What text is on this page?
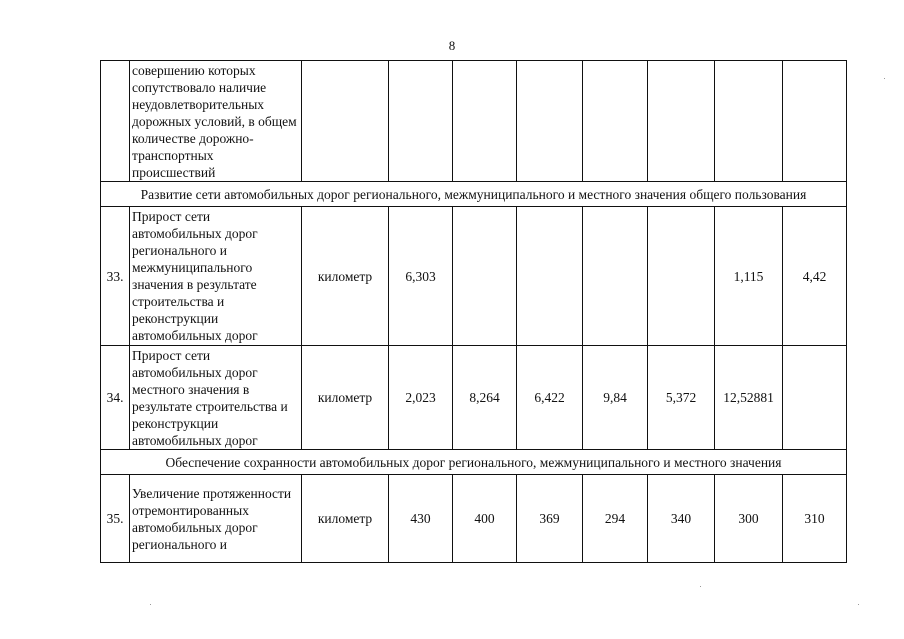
8
	совершению которых сопутствовало наличие неудовлетворительных дорожных условий, в общем количестве дорожно-транспортных происшествий								
Развитие сети автомобильных дорог регионального, межмуниципального и местного значения общего пользования									
33.	Прирост сети автомобильных дорог регионального и межмуниципального значения в результате строительства и реконструкции автомобильных дорог	километр	6,303					1,115	4,42
34.	Прирост сети автомобильных дорог местного значения в результате строительства и реконструкции автомобильных дорог	километр	2,023	8,264	6,422	9,84	5,372	12,52881	
Обеспечение сохранности автомобильных дорог регионального, межмуниципального и местного значения									
35.	Увеличение протяженности отремонтированных автомобильных дорог регионального и	километр	430	400	369	294	340	300	310
